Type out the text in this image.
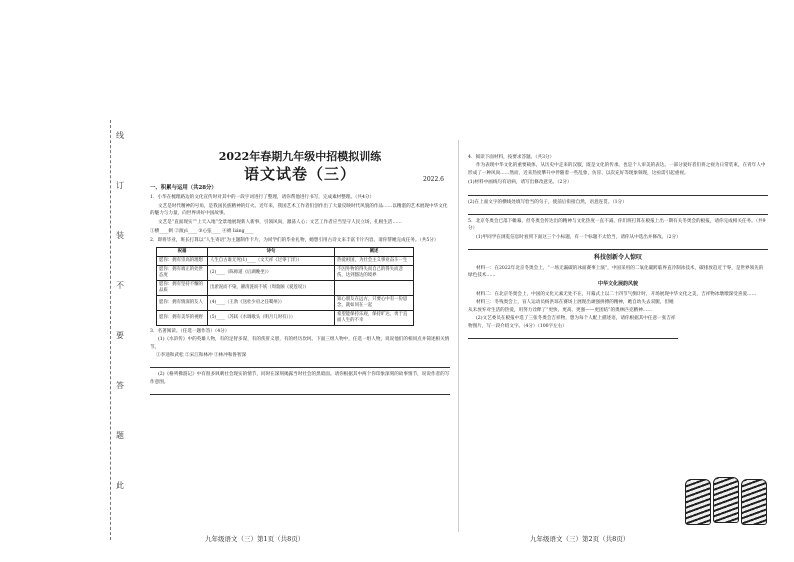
线
订
装
不
要
答
题
此
2022.6

2022年春期九年级中招模拟训练

语文试卷（三）

一、积累与运用（共28分）
1．小华在梳理路边的文化宣传时对其中的一段字词进行了整理，请你帮他进行书写，完成素材整理。（共4分）
文艺是时代精神的号角，是我国民族精神的灯火。近年来，我国艺术工作者们创作出了大量反映时代风貌的作品……以精湛的艺术展现中华文化的魅力与力量，向世界讲好中国故事。
文艺是“直面现实”“上天入地”全景地展现新人新事，引领风尚，激荡人心；文艺工作者应当坚守人民立场，扎根生活……
①横____刺 ②演yì____ ③心弦____ ④绵 liáng____
2．即将毕业，班长打算以“人生寄语”为主题制作卡片，为同学们的毕业礼物，她想引用古诗文来丰富卡片内容，请你帮她完成任务。（共5分）
祝福	诗句	阐述
愿你：拥有崇高的理想	人生自古谁无死(1)____（文天祥《过零丁洋》）	热爱祖国，为社会主义事业奋斗一生
愿你：拥有端正的处世态度	(2)____（陈师道《后湖晚坐》）	不因外物的得失而自己的得失而悲伤，达到豁达的境界
愿你：拥有坚持不懈的品质	出淤泥而不染，濯清涟而不妖（周敦颐《爱莲说》）	
愿你：拥有情深的友人	(4)____（王勃《送杜少府之任蜀州》）	知心朋友在远方，只要心中有一份思念，就如同在一起
愿你：拥有美华的视野	(5)____（苏轼《水调歌头（明月几时有）》）	希望能保持乐观，保持旷达，勇于直面人生的不幸
3．名著阅读。（任选一题作答）（4分）
(1)《水浒传》中的英雄人物，有的足智多谋，有的侠肝义胆，有的经历坎坷。下面三组人物中，任选一组人物，说说他们的相同点并简述相关情节。
①李逵和武松 ②宋江和林冲 ③林冲和鲁智深
(2)《格列佛游记》中有很多讽刺社会现实的情节，同时在深刻揭露当时社会的黑暗面。请你根据其中两个你印象深刻的故事情节，说说作者的写作意图。
九年级语文（三）第1页（共8页）
4．阅读下面材料，按要求答题。（共3分）
作为表现中华文化的重要载体，从历史中走来的汉服，既是文化的传承，也是个人审美的表达。一部分爱好者们将之视为日常装束，在青年人中形成了一种风尚……然而，近来热度攀升中伴随着一些乱象，仿冒、以次充好等现象频现，这亟需引起重视。
(1)材料中画线句有语病，请写出修改意见。（2分）
(2)在上面文字的横线处填写恰当的句子，使前后衔接自然，语意连贯。（1分）
5．北京冬奥会已落下帷幕，但冬奥会传达出的精神与文化热度一直不减，你们班打算在板报上出一期有关冬奥会的板报，请你完成相关任务。（共9分）
(1)甲同学在浏览信息时看到下面这三个小标题，有一个标题不太恰当，请你从中选出并修改。（2分）
科技创新令人惊叹
材料一：在2022年北京冬奥会上，“一场无漏碳的冰面赛事上演”，中国采用的二氧化碳跨临界直冷制冰技术，碳排放趋近于零，是世界领先的绿色技术……
中华文化展韵风貌
材料二：在北京冬奥会上，中国的文化元素无处不在，开幕式上以二十四节气倒计时，开场展现中华文化之美，吉祥物冰墩墩深受喜爱……
材料三：冬残奥会上，盲人运动员杨洪琼在赛场上展现出顽强拼搏的精神，她自幼失去双腿，但她从未放弃对生活的热爱，用努力诠释了“更快、更高、更强——更团结”的奥林匹克精神……
(2)文艺委员在板报中选了三张冬奥会吉祥物，想为每个人配上描述语，请你根据其中任意一张吉祥物图片，写一段介绍文字。（4分）（100字左右）
九年级语文（三）第2页（共8页）
